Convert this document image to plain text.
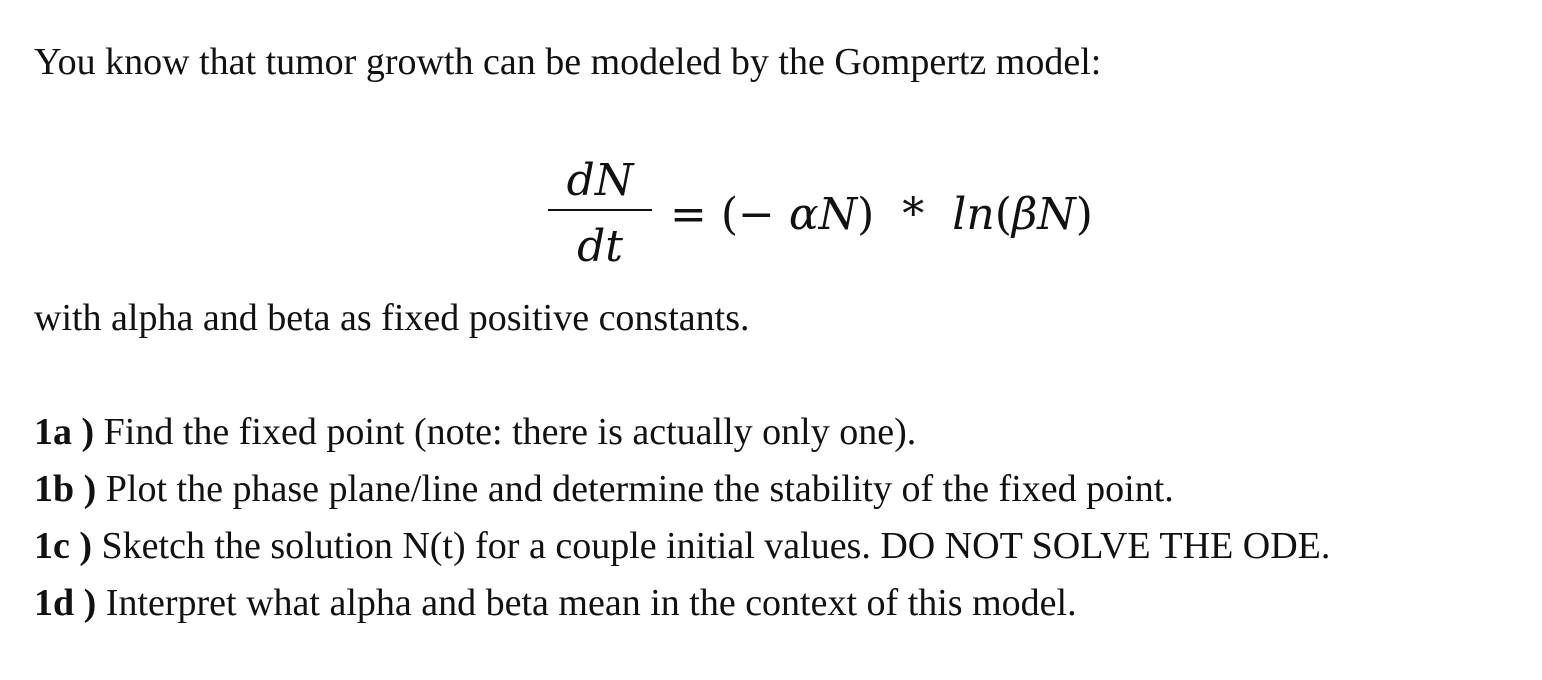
You know that tumor growth can be modeled by the Gompertz model:
dN
dt
= (− αN) * ln(βN)
with alpha and beta as fixed positive constants.
1a ) Find the fixed point (note: there is actually only one).
1b ) Plot the phase plane/line and determine the stability of the fixed point.
1c ) Sketch the solution N(t) for a couple initial values. DO NOT SOLVE THE ODE.
1d ) Interpret what alpha and beta mean in the context of this model.
